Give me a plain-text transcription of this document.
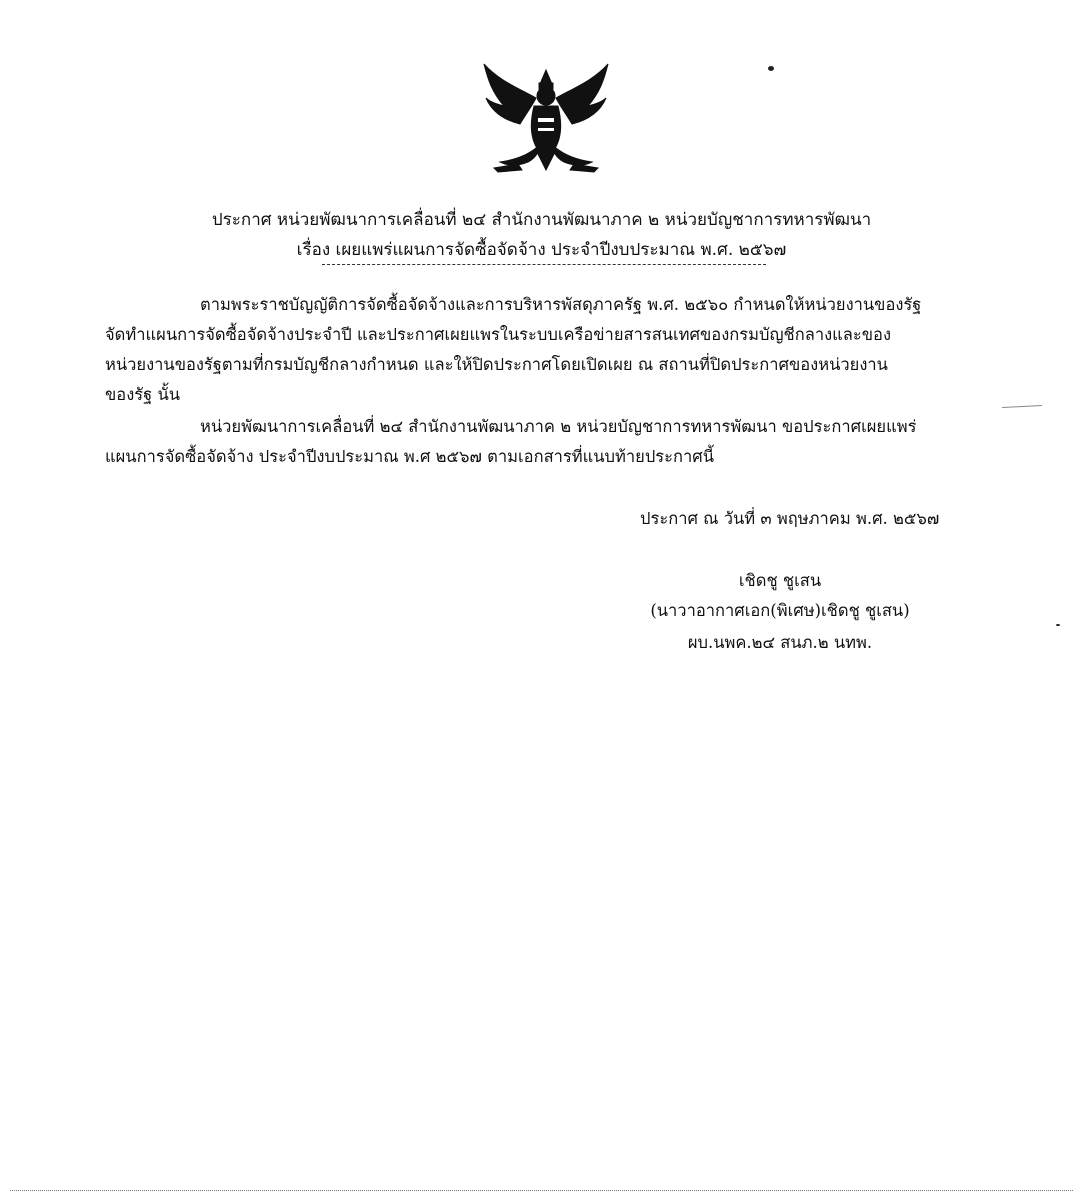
ประกาศ หน่วยพัฒนาการเคลื่อนที่ ๒๔ สำนักงานพัฒนาภาค ๒ หน่วยบัญชาการทหารพัฒนา
เรื่อง เผยแพร่แผนการจัดซื้อจัดจ้าง ประจำปีงบประมาณ พ.ศ. ๒๕๖๗
ตามพระราชบัญญัติการจัดซื้อจัดจ้างและการบริหารพัสดุภาครัฐ พ.ศ. ๒๕๖๐ กำหนดให้หน่วยงานของรัฐ
จัดทำแผนการจัดซื้อจัดจ้างประจำปี และประกาศเผยแพรในระบบเครือข่ายสารสนเทศของกรมบัญชีกลางและของ
หน่วยงานของรัฐตามที่กรมบัญชีกลางกำหนด และให้ปิดประกาศโดยเปิดเผย ณ สถานที่ปิดประกาศของหน่วยงาน
ของรัฐ นั้น
หน่วยพัฒนาการเคลื่อนที่ ๒๔ สำนักงานพัฒนาภาค ๒ หน่วยบัญชาการทหารพัฒนา ขอประกาศเผยแพร่
แผนการจัดซื้อจัดจ้าง ประจำปีงบประมาณ พ.ศ ๒๕๖๗ ตามเอกสารที่แนบท้ายประกาศนี้
ประกาศ ณ วันที่ ๓ พฤษภาคม พ.ศ. ๒๕๖๗
เชิดชู ชูเสน
(นาวาอากาศเอก(พิเศษ)เชิดชู ชูเสน)
ผบ.นพค.๒๔ สนภ.๒ นทพ.
